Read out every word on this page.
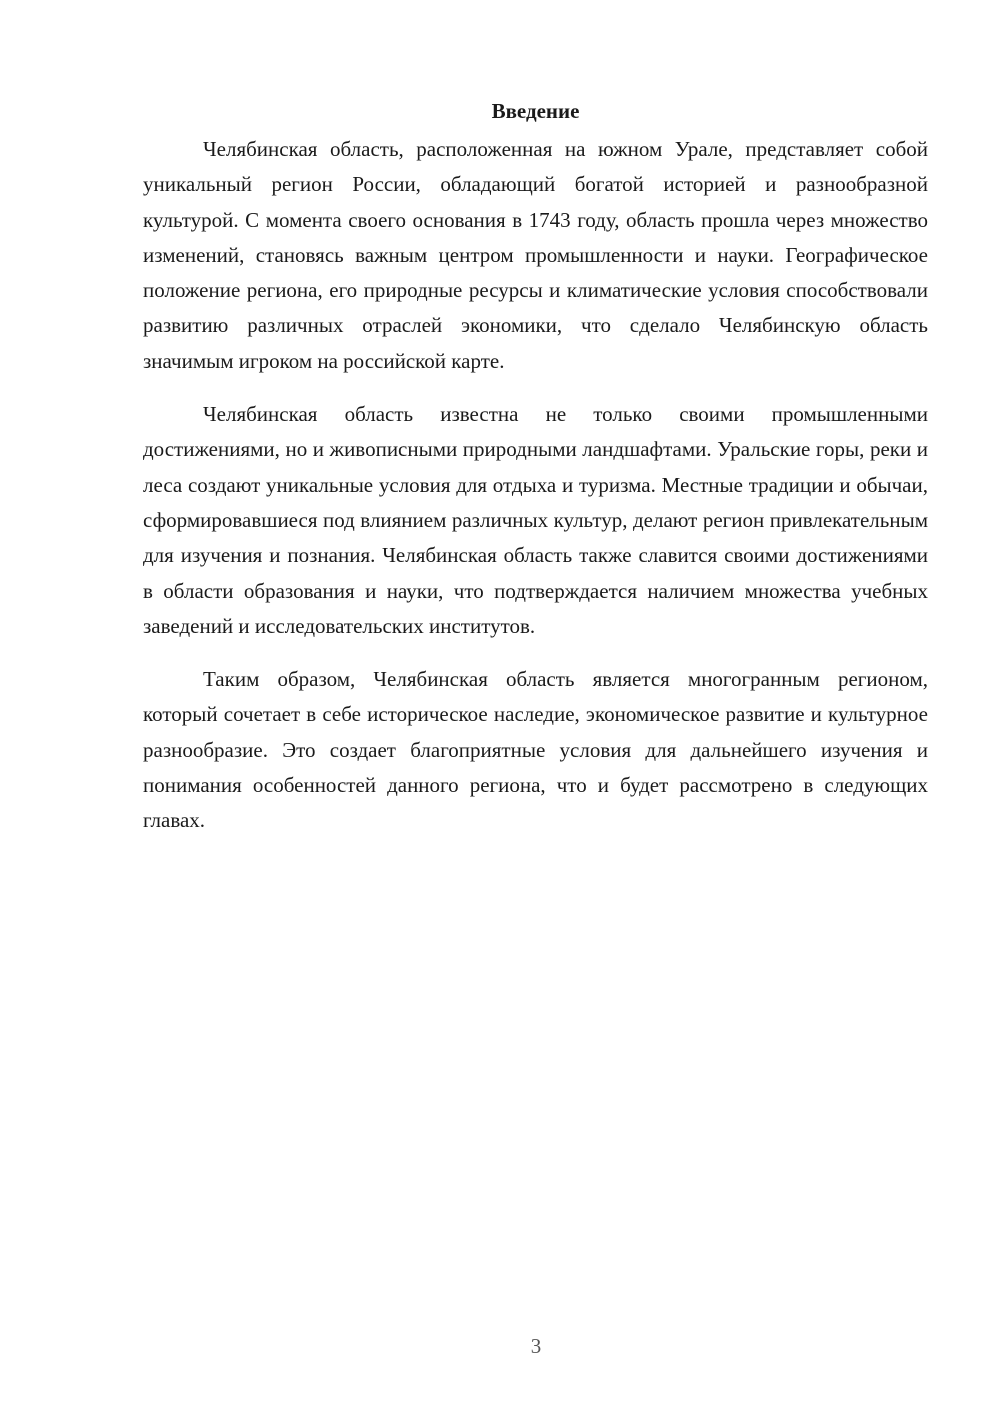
Введение

Челябинская область, расположенная на южном Урале, представляет собой уникальный регион России, обладающий богатой историей и разнообразной культурой. С момента своего основания в 1743 году, область прошла через множество изменений, становясь важным центром промышленности и науки. Географическое положение региона, его природные ресурсы и климатические условия способствовали развитию различных отраслей экономики, что сделало Челябинскую область значимым игроком на российской карте.

Челябинская область известна не только своими промышленными достижениями, но и живописными природными ландшафтами. Уральские горы, реки и леса создают уникальные условия для отдыха и туризма. Местные традиции и обычаи, сформировавшиеся под влиянием различных культур, делают регион привлекательным для изучения и познания. Челябинская область также славится своими достижениями в области образования и науки, что подтверждается наличием множества учебных заведений и исследовательских институтов.

Таким образом, Челябинская область является многогранным регионом, который сочетает в себе историческое наследие, экономическое развитие и культурное разнообразие. Это создает благоприятные условия для дальнейшего изучения и понимания особенностей данного региона, что и будет рассмотрено в следующих главах.

3
